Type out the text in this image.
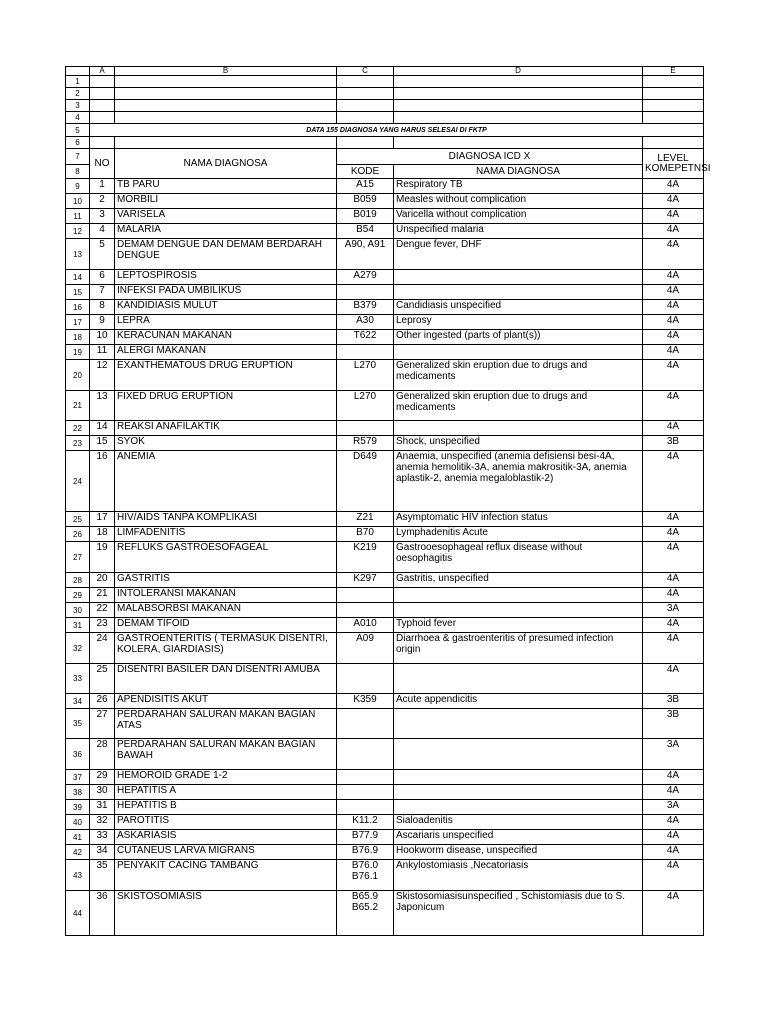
	A	B	C	D	E
1					
2					
3					
4					
5	DATA 155 DIAGNOSA YANG HARUS SELESAI DI FKTP				
6					
7	NO	NAMA DIAGNOSA	DIAGNOSA ICD X		LEVEL KOMEPETNSI
8			KODE	NAMA DIAGNOSA	
9	1	TB PARU	A15	Respiratory TB	4A
10	2	MORBILI	B059	Measles without complication	4A
11	3	VARISELA	B019	Varicella without complication	4A
12	4	MALARIA	B54	Unspecified malaria	4A
13	5	DEMAM DENGUE DAN DEMAM BERDARAH DENGUE	A90, A91	Dengue fever, DHF	4A
14	6	LEPTOSPIROSIS	A279		4A
15	7	INFEKSI PADA UMBILIKUS			4A
16	8	KANDIDIASIS MULUT	B379	Candidiasis unspecified	4A
17	9	LEPRA	A30	Leprosy	4A
18	10	KERACUNAN MAKANAN	T622	Other ingested (parts of plant(s))	4A
19	11	ALERGI MAKANAN			4A
20	12	EXANTHEMATOUS DRUG ERUPTION	L270	Generalized skin eruption due to drugs and medicaments	4A
21	13	FIXED DRUG ERUPTION	L270	Generalized skin eruption due to drugs and medicaments	4A
22	14	REAKSI ANAFILAKTIK			4A
23	15	SYOK	R579	Shock, unspecified	3B
24	16	ANEMIA	D649	Anaemia, unspecified (anemia defisiensi besi-4A, anemia hemolitik-3A, anemia makrositik-3A, anemia aplastik-2, anemia megaloblastik-2)	4A
25	17	HIV/AIDS TANPA KOMPLIKASI	Z21	Asymptomatic HIV infection status	4A
26	18	LIMFADENITIS	B70	Lymphadenitis Acute	4A
27	19	REFLUKS GASTROESOFAGEAL	K219	Gastrooesophageal reflux disease without oesophagitis	4A
28	20	GASTRITIS	K297	Gastritis, unspecified	4A
29	21	INTOLERANSI MAKANAN			4A
30	22	MALABSORBSI MAKANAN			3A
31	23	DEMAM TIFOID	A010	Typhoid fever	4A
32	24	GASTROENTERITIS ( TERMASUK DISENTRI, KOLERA, GIARDIASIS)	A09	Diarrhoea & gastroenteritis of presumed infection origin	4A
33	25	DISENTRI BASILER DAN DISENTRI AMUBA			4A
34	26	APENDISITIS AKUT	K359	Acute appendicitis	3B
35	27	PERDARAHAN SALURAN MAKAN BAGIAN ATAS			3B
36	28	PERDARAHAN SALURAN MAKAN BAGIAN BAWAH			3A
37	29	HEMOROID GRADE 1-2			4A
38	30	HEPATITIS A			4A
39	31	HEPATITIS B			3A
40	32	PAROTITIS	K11.2	Sialoadenitis	4A
41	33	ASKARIASIS	B77.9	Ascariaris unspecified	4A
42	34	CUTANEUS LARVA MIGRANS	B76.9	Hookworm disease, unspecified	4A
43	35	PENYAKIT CACING TAMBANG	B76.0 B76.1	Ankylostomiasis ,Necatoriasis	4A
44	36	SKISTOSOMIASIS	B65.9 B65.2	Skistosomiasisunspecified , Schistomiasis due to S. Japonicum	4A
